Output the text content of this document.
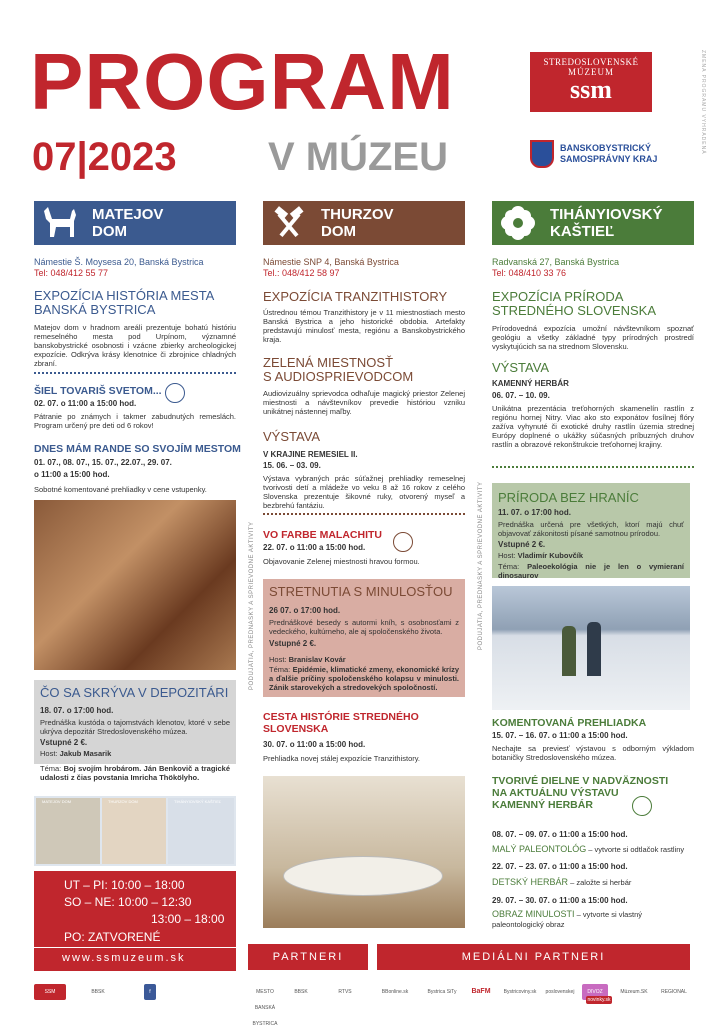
PROGRAM
07|2023 V MÚZEU
STREDOSLOVENSKÉ
MÚZEUM
ssm
BANSKOBYSTRICKÝ
SAMOSPRÁVNY KRAJ
ZMENA PROGRAMU VYHRADENÁ
MATEJOV
DOM
THURZOV
DOM
TIHÁNYIOVSKÝ
KAŠTIEĽ
Námestie Š. Moysesa 20, Banská Bystrica
Tel: 048/412 55 77
EXPOZÍCIA HISTÓRIA MESTA
BANSKÁ BYSTRICA
Matejov dom v hradnom areáli prezentuje bohatú históriu remeselného mesta pod Urpínom, významné banskobystrické osobnosti i vzácne zbierky archeologickej expozície. Odkrýva krásy klenotnice či zbrojnice chladných zbraní.
ŠIEL TOVARIŠ SVETOM...
02. 07. o 11:00 a 15:00 hod.
Pátranie po známych i takmer zabudnutých remeslách. Program určený pre deti od 6 rokov!
DNES MÁM RANDE SO SVOJÍM MESTOM
01. 07., 08. 07., 15. 07., 22.07., 29. 07.
o 11:00 a 15:00 hod.
Sobotné komentované prehliadky v cene vstupenky.
ČO SA SKRÝVA V DEPOZITÁRI
18. 07. o 17:00 hod.
Prednáška kustóda o tajomstvách klenotov, ktoré v sebe ukrýva depozitár Stredoslovenského múzea.
Vstupné 2 €.
Host: Jakub Masarik
Téma: Boj svojím hrobárom. Ján Benkovič a tragické udalosti z čias povstania Imricha Thökölyho.
MATEJOV DOM	THURZOV DOM	TIHÁNYIOVSKÝ KAŠTIEĽ
UT – PI: 10:00 – 18:00
SO – NE: 10:00 – 12:30
13:00 – 18:00
PO: ZATVORENÉ
www.ssmuzeum.sk
PODUJATIA, PREDNÁŠKY A SPRIEVODNÉ AKTIVITY
Námestie SNP 4, Banská Bystrica
Tel.: 048/412 58 97
EXPOZÍCIA TRANZITHISTORY
Ústrednou témou Tranzithistory je v 11 miestnostiach mesto Banská Bystrica a jeho historické obdobia. Artefakty predstavujú minulosť mesta, regiónu a Banskobystrického kraja.
ZELENÁ MIESTNOSŤ
S AUDIOSPRIEVODCOM
Audiovizuálny sprievodca odhaľuje magický priestor Zelenej miestnosti a návštevníkov prevedie históriou vzniku unikátnej nástennej maľby.
VÝSTAVA
V KRAJINE REMESIEL II.
15. 06. – 03. 09.
Výstava vybraných prác súťažnej prehliadky remeselnej tvorivosti detí a mládeže vo veku 8 až 16 rokov z celého Slovenska prezentuje šikovné ruky, otvorený myseľ a bezbrehú fantáziu.
VO FARBE MALACHITU
22. 07. o 11:00 a 15:00 hod.
Objavovanie Zelenej miestnosti hravou formou.
STRETNUTIA S MINULOSŤOU
26 07. o 17:00 hod.
Prednáškové besedy s autormi kníh, s osobnosťami z vedeckého, kultúrneho, ale aj spoločenského života.
Vstupné 2 €.
Host: Branislav Kovár
Téma: Epidémie, klimatické zmeny, ekonomické krízy a ďalšie príčiny spoločenského kolapsu v minulosti. Zánik starovekých a stredovekých spoločností.
CESTA HISTÓRIE STREDNÉHO
SLOVENSKA
30. 07. o 11:00 a 15:00 hod.
Prehliadka novej stálej expozície Tranzithistory.
PODUJATIA, PREDNÁŠKY A SPRIEVODNÉ AKTIVITY
Radvanská 27, Banská Bystrica
Tel: 048/410 33 76
EXPOZÍCIA PRÍRODA
STREDNÉHO SLOVENSKA
Prírodovedná expozícia umožní návštevníkom spoznať geológiu a všetky základné typy prírodných prostredí vyskytujúcich sa na strednom Slovensku.
VÝSTAVA
KAMENNÝ HERBÁR
06. 07. – 10. 09.
Unikátna prezentácia treťohorných skamenelín rastlín z regiónu hornej Nitry. Viac ako sto exponátov fosílnej flóry zažíva vyhynuté či exotické druhy rastlín územia strednej Európy doplnené o ukážky súčasných príbuzných druhov rastlín a obrazové rekonštrukcie treťohornej krajiny.
PRÍRODA BEZ HRANÍC
11. 07. o 17:00 hod.
Prednáška určená pre všetkých, ktorí majú chuť objavovať zákonitosti písané samotnou prírodou.
Vstupné 2 €.
Host: Vladimír Kubovčík
Téma: Paleoekológia nie je len o vymieraní dinosaurov
KOMENTOVANÁ PREHLIADKA
15. 07. – 16. 07. o 11:00 a 15:00 hod.
Nechajte sa previesť výstavou s odborným výkladom botaničky Stredoslovenského múzea.
TVORIVÉ DIELNE V NADVÄZNOSTI
NA AKTUÁLNU VÝSTAVU
KAMENNÝ HERBÁR
08. 07. – 09. 07. o 11:00 a 15:00 hod.
MALÝ PALEONTOLÓG – vytvorte si odtlačok rastliny
22. 07. – 23. 07. o 11:00 a 15:00 hod.
DETSKÝ HERBÁR – založte si herbár
29. 07. – 30. 07. o 11:00 a 15:00 hod.
OBRAZ MINULOSTI – vytvorte si vlastný
paleontologický obraz
PARTNERI	MEDIÁLNI PARTNERI
SSM	BBSK	f	MESTO BANSKÁ BYSTRICA
BBSK	RTVS	BBonline.sk	Bystrica SiTy	BaFM	Bystricoviny.sk	poslovenskej	DIVOZ
novinky.sk
Múzeum.SK	REGIONAL
